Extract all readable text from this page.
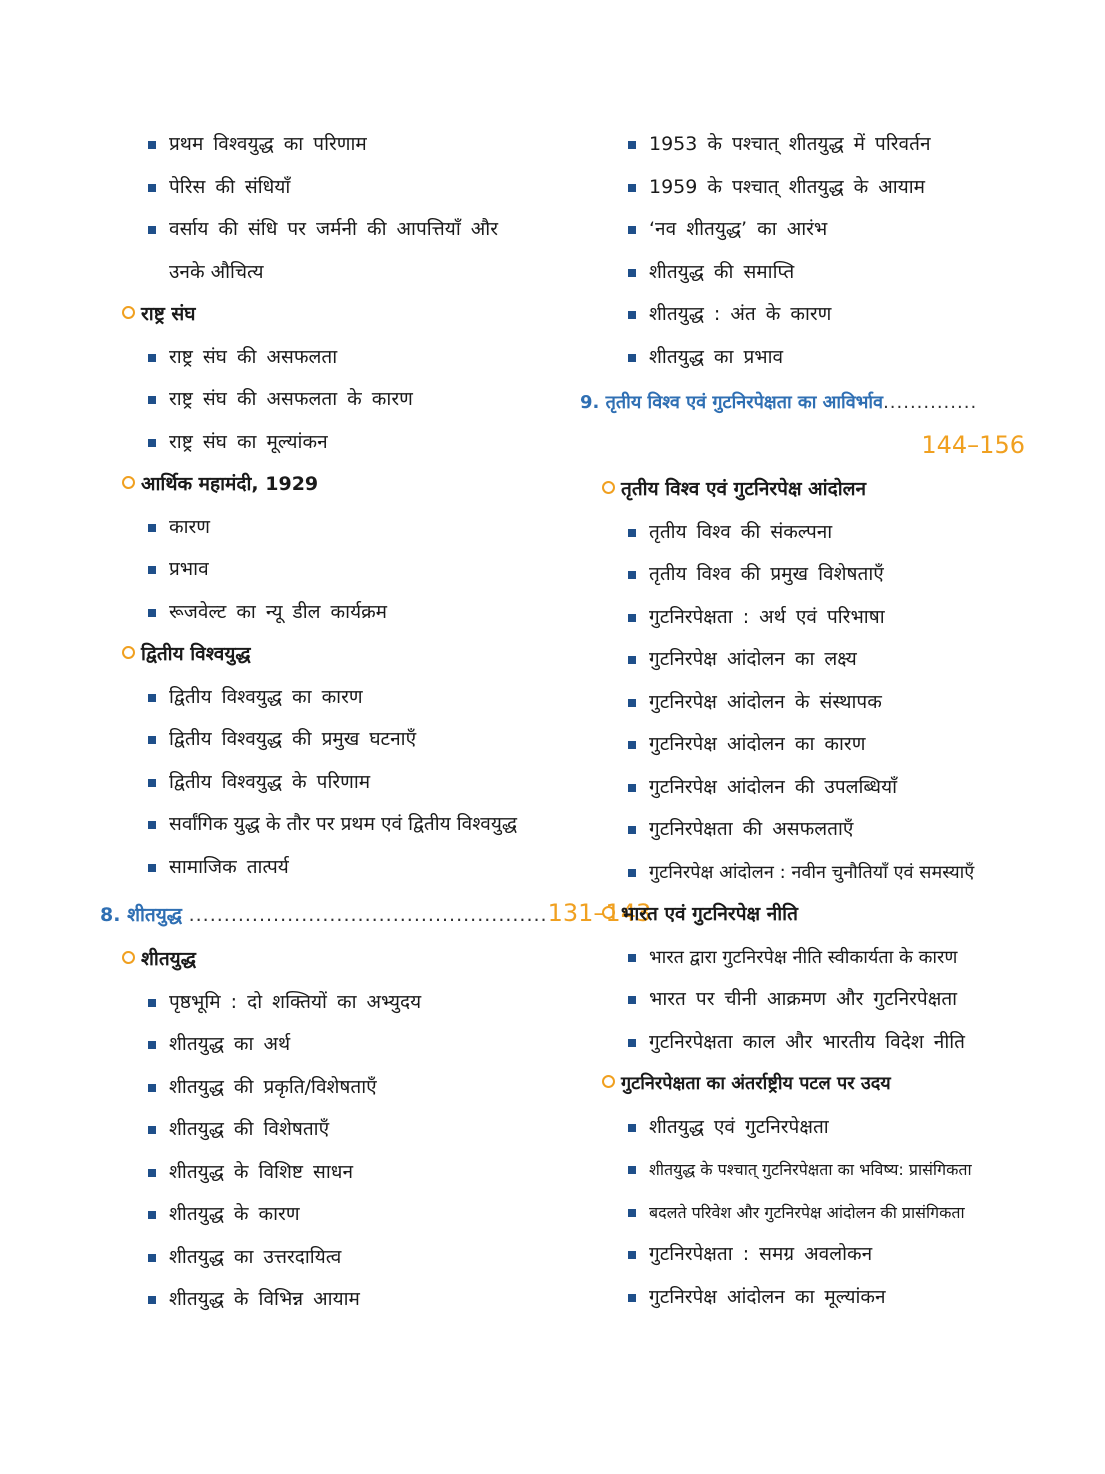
प्रथम विश्वयुद्ध का परिणाम
पेरिस की संधियाँ
वर्साय की संधि पर जर्मनी की आपत्तियाँ और
उनके औचित्य
राष्ट्र संघ
राष्ट्र संघ की असफलता
राष्ट्र संघ की असफलता के कारण
राष्ट्र संघ का मूल्यांकन
आर्थिक महामंदी, 1929
कारण
प्रभाव
रूजवेल्ट का न्यू डील कार्यक्रम
द्वितीय विश्वयुद्ध
द्वितीय विश्वयुद्ध का कारण
द्वितीय विश्वयुद्ध की प्रमुख घटनाएँ
द्वितीय विश्वयुद्ध के परिणाम
सर्वांगिक युद्ध के तौर पर प्रथम एवं द्वितीय विश्वयुद्ध
सामाजिक तात्पर्य
8. शीतयुद्ध ...................................................131–143
शीतयुद्ध
पृष्ठभूमि : दो शक्तियों का अभ्युदय
शीतयुद्ध का अर्थ
शीतयुद्ध की प्रकृति/विशेषताएँ
शीतयुद्ध की विशेषताएँ
शीतयुद्ध के विशिष्ट साधन
शीतयुद्ध के कारण
शीतयुद्ध का उत्तरदायित्व
शीतयुद्ध के विभिन्न आयाम
1953 के पश्चात् शीतयुद्ध में परिवर्तन
1959 के पश्चात् शीतयुद्ध के आयाम
‘नव शीतयुद्ध’ का आरंभ
शीतयुद्ध की समाप्ति
शीतयुद्ध : अंत के कारण
शीतयुद्ध का प्रभाव
9. तृतीय विश्व एवं गुटनिरपेक्षता का आविर्भाव..............
144–156
तृतीय विश्व एवं गुटनिरपेक्ष आंदोलन
तृतीय विश्व की संकल्पना
तृतीय विश्व की प्रमुख विशेषताएँ
गुटनिरपेक्षता : अर्थ एवं परिभाषा
गुटनिरपेक्ष आंदोलन का लक्ष्य
गुटनिरपेक्ष आंदोलन के संस्थापक
गुटनिरपेक्ष आंदोलन का कारण
गुटनिरपेक्ष आंदोलन की उपलब्धियाँ
गुटनिरपेक्षता की असफलताएँ
गुटनिरपेक्ष आंदोलन : नवीन चुनौतियाँ एवं समस्याएँ
भारत एवं गुटनिरपेक्ष नीति
भारत द्वारा गुटनिरपेक्ष नीति स्वीकार्यता के कारण
भारत पर चीनी आक्रमण और गुटनिरपेक्षता
गुटनिरपेक्षता काल और भारतीय विदेश नीति
गुटनिरपेक्षता का अंतर्राष्ट्रीय पटल पर उदय
शीतयुद्ध एवं गुटनिरपेक्षता
शीतयुद्ध के पश्चात् गुटनिरपेक्षता का भविष्य: प्रासंगिकता
बदलते परिवेश और गुटनिरपेक्ष आंदोलन की प्रासंगिकता
गुटनिरपेक्षता : समग्र अवलोकन
गुटनिरपेक्ष आंदोलन का मूल्यांकन
